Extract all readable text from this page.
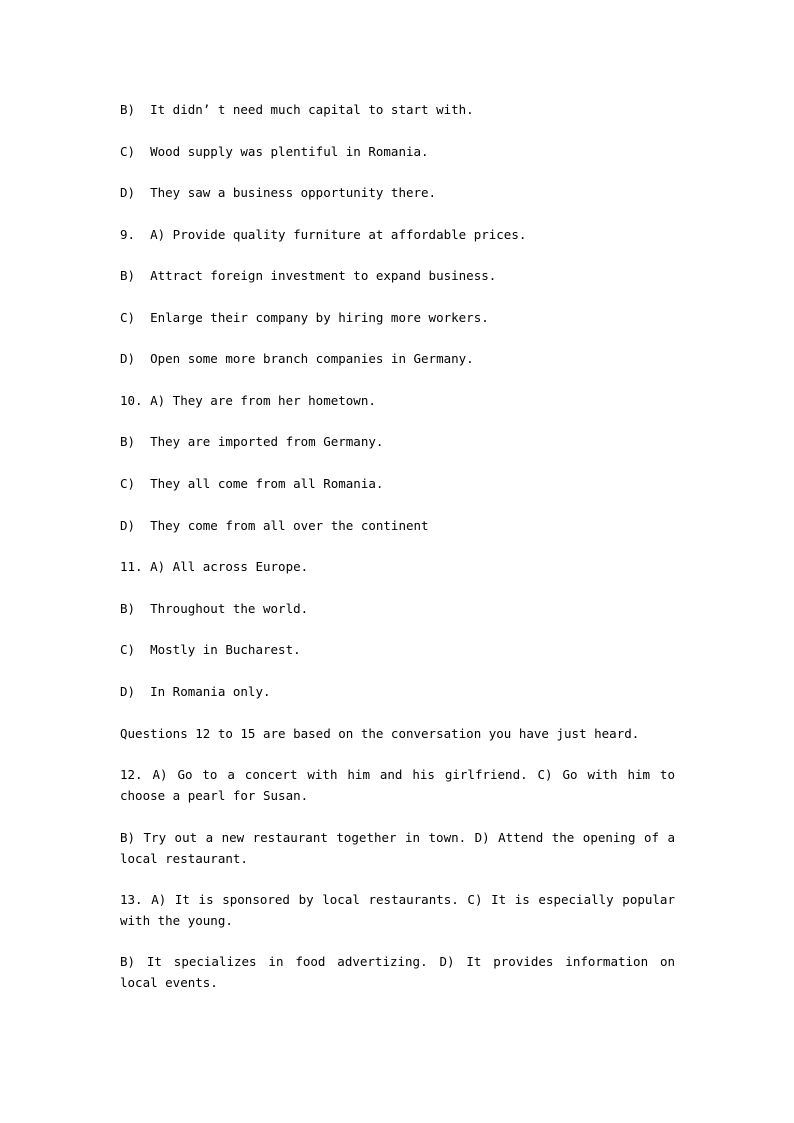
B)  It didn’ t need much capital to start with.

C)  Wood supply was plentiful in Romania.

D)  They saw a business opportunity there.

9.  A) Provide quality furniture at affordable prices.

B)  Attract foreign investment to expand business.

C)  Enlarge their company by hiring more workers.

D)  Open some more branch companies in Germany.

10. A) They are from her hometown.

B)  They are imported from Germany.

C)  They all come from all Romania.

D)  They come from all over the continent

11. A) All across Europe.

B)  Throughout the world.

C)  Mostly in Bucharest.

D)  In Romania only.

Questions 12 to 15 are based on the conversation you have just heard.

12. A) Go to a concert with him and his girlfriend. C) Go with him to choose a pearl for Susan.

B) Try out a new restaurant together in town. D) Attend the opening of a local restaurant.

13. A) It is sponsored by local restaurants. C) It is especially popular with the young.

B) It specializes in food advertizing. D) It provides information on local events.
